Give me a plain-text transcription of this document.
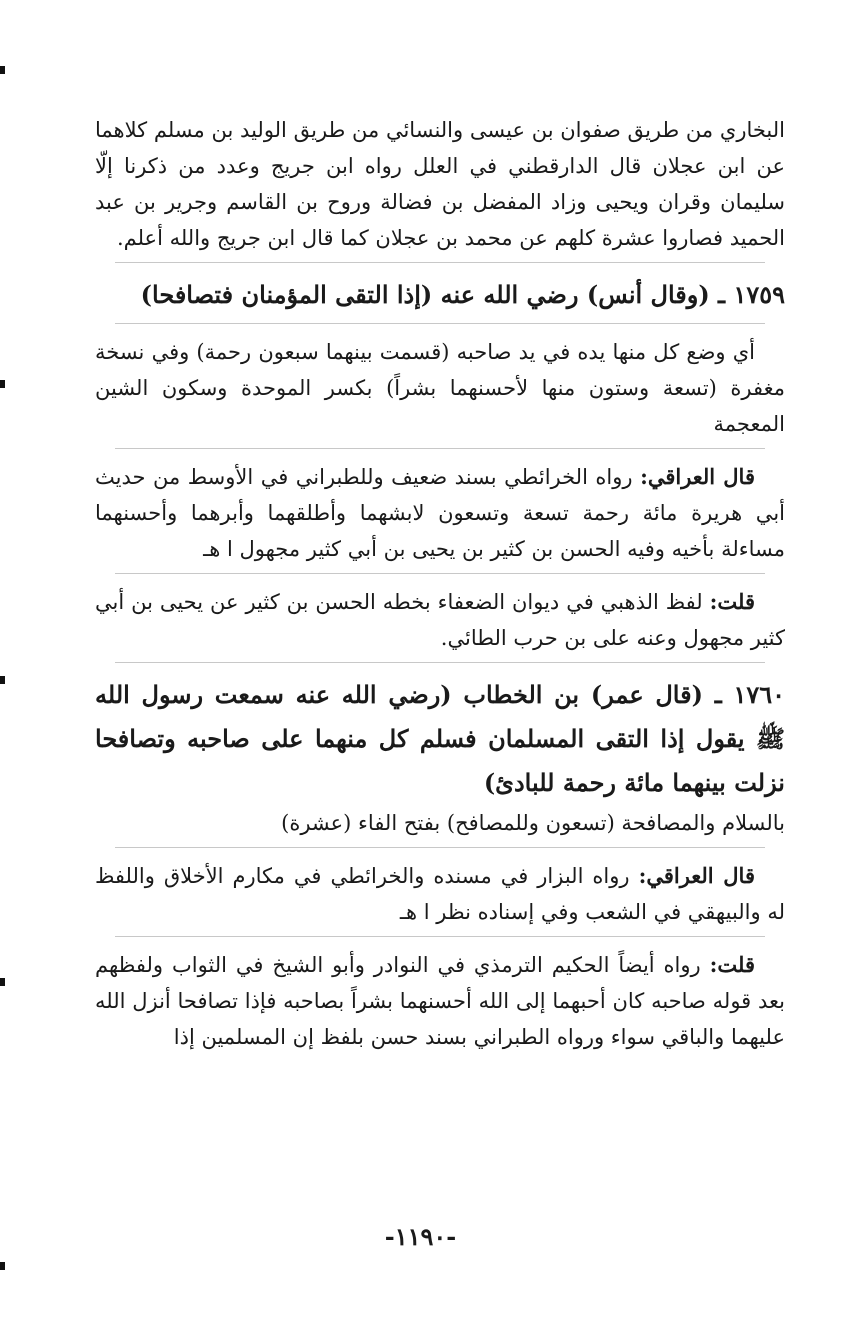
البخاري من طريق صفوان بن عيسى والنسائي من طريق الوليد بن مسلم كلاهما عن ابن عجلان قال الدارقطني في العلل رواه ابن جريج وعدد من ذكرنا إلّا سليمان وقران ويحيى وزاد المفضل بن فضالة وروح بن القاسم وجرير بن عبد الحميد فصاروا عشرة كلهم عن محمد بن عجلان كما قال ابن جريج والله أعلم.

١٧٥٩ ـ (وقال أنس) رضي الله عنه (إذا التقى المؤمنان فتصافحا)

أي وضع كل منها يده في يد صاحبه (قسمت بينهما سبعون رحمة) وفي نسخة مغفرة (تسعة وستون منها لأحسنهما بشراً) بكسر الموحدة وسكون الشين المعجمة

قال العراقي: رواه الخرائطي بسند ضعيف وللطبراني في الأوسط من حديث أبي هريرة مائة رحمة تسعة وتسعون لابشهما وأطلقهما وأبرهما وأحسنهما مساءلة بأخيه وفيه الحسن بن كثير بن يحيى بن أبي كثير مجهول ا هـ

قلت: لفظ الذهبي في ديوان الضعفاء بخطه الحسن بن كثير عن يحيى بن أبي كثير مجهول وعنه على بن حرب الطائي.

١٧٦٠ ـ (قال عمر) بن الخطاب (رضي الله عنه سمعت رسول الله ﷺ يقول إذا التقى المسلمان فسلم كل منهما على صاحبه وتصافحا نزلت بينهما مائة رحمة للبادئ)

بالسلام والمصافحة (تسعون وللمصافح) بفتح الفاء (عشرة)

قال العراقي: رواه البزار في مسنده والخرائطي في مكارم الأخلاق واللفظ له والبيهقي في الشعب وفي إسناده نظر ا هـ

قلت: رواه أيضاً الحكيم الترمذي في النوادر وأبو الشيخ في الثواب ولفظهم بعد قوله صاحبه كان أحبهما إلى الله أحسنهما بشراً بصاحبه فإذا تصافحا أنزل الله عليهما والباقي سواء ورواه الطبراني بسند حسن بلفظ إن المسلمين إذا

-١١٩٠-
